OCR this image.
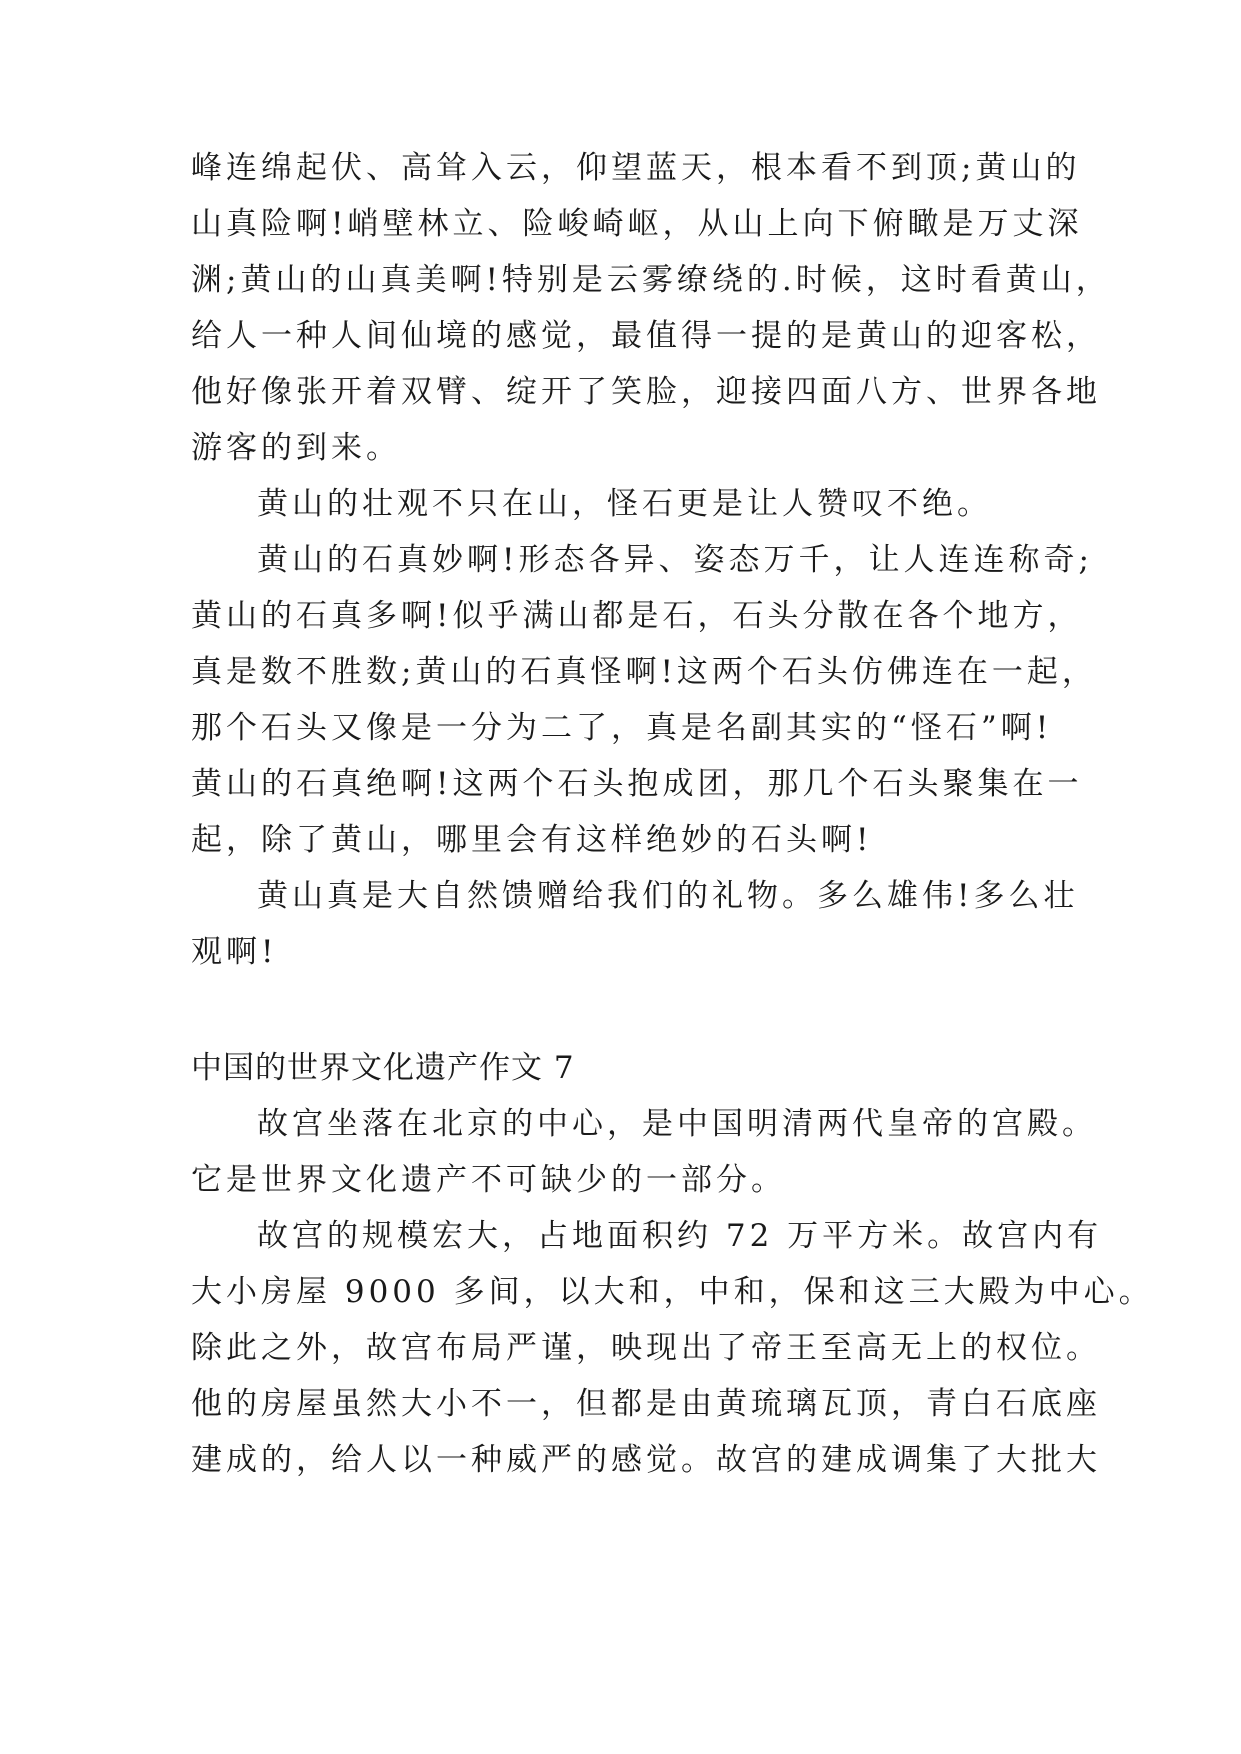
峰连绵起伏、高耸入云，仰望蓝天，根本看不到顶;黄山的
山真险啊!峭壁林立、险峻崎岖，从山上向下俯瞰是万丈深
渊;黄山的山真美啊!特别是云雾缭绕的.时候，这时看黄山，
给人一种人间仙境的感觉，最值得一提的是黄山的迎客松，
他好像张开着双臂、绽开了笑脸，迎接四面八方、世界各地
游客的到来。
黄山的壮观不只在山，怪石更是让人赞叹不绝。
黄山的石真妙啊!形态各异、姿态万千，让人连连称奇;
黄山的石真多啊!似乎满山都是石，石头分散在各个地方，
真是数不胜数;黄山的石真怪啊!这两个石头仿佛连在一起，
那个石头又像是一分为二了，真是名副其实的“怪石”啊!
黄山的石真绝啊!这两个石头抱成团，那几个石头聚集在一
起，除了黄山，哪里会有这样绝妙的石头啊!
黄山真是大自然馈赠给我们的礼物。多么雄伟!多么壮
观啊!
中国的世界文化遗产作文 7
故宫坐落在北京的中心，是中国明清两代皇帝的宫殿。
它是世界文化遗产不可缺少的一部分。
故宫的规模宏大，占地面积约 72 万平方米。故宫内有
大小房屋 9000 多间，以大和，中和，保和这三大殿为中心。
除此之外，故宫布局严谨，映现出了帝王至高无上的权位。
他的房屋虽然大小不一，但都是由黄琉璃瓦顶，青白石底座
建成的，给人以一种威严的感觉。故宫的建成调集了大批大
